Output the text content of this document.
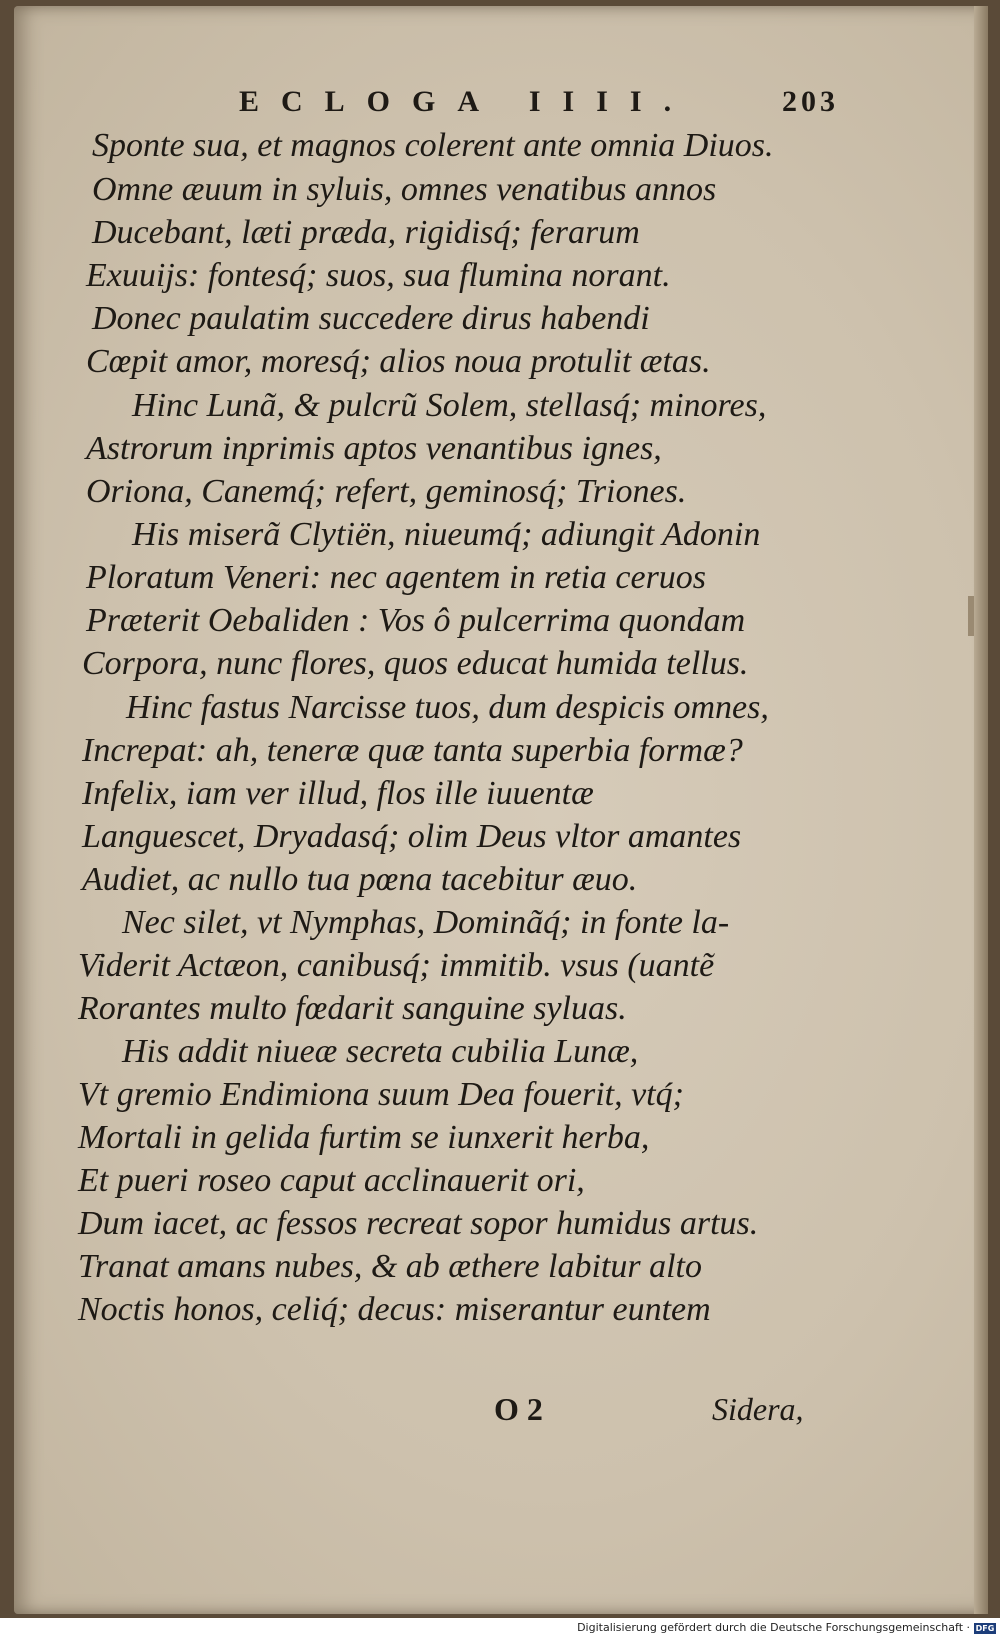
ECLOGA IIII.	203
Sponte sua, et magnos colerent ante omnia Diuos.
Omne æuum in syluis, omnes venatibus annos
Ducebant, læti præda, rigidisq́; ferarum
Exuuijs: fontesq́; suos, sua flumina norant.
Donec paulatim succedere dirus habendi
Cœpit amor, moresq́; alios noua protulit ætas.
Hinc Lunã, & pulcrũ Solem, stellasq́; minores,
Astrorum inprimis aptos venantibus ignes,
Oriona, Canemq́; refert, geminosq́; Triones.
His miserã Clytiën, niueumq́; adiungit Adonin
Ploratum Veneri: nec agentem in retia ceruos
Præterit Oebaliden : Vos ô pulcerrima quondam
Corpora, nunc flores, quos educat humida tellus.
Hinc fastus Narcisse tuos, dum despicis omnes,
Increpat: ah, teneræ quæ tanta superbia formæ?
Infelix, iam ver illud, flos ille iuuentæ
Languescet, Dryadasq́; olim Deus vltor amantes
Audiet, ac nullo tua pœna tacebitur æuo.
Nec silet, vt Nymphas, Dominãq́; in fonte la-
Viderit Actæon, canibusq́; immitib. vsus (uantẽ
Rorantes multo fœdarit sanguine syluas.
His addit niueæ secreta cubilia Lunæ,
Vt gremio Endimiona suum Dea fouerit, vtq́;
Mortali in gelida furtim se iunxerit herba,
Et pueri roseo caput acclinauerit ori,
Dum iacet, ac fessos recreat sopor humidus artus.
Tranat amans nubes, & ab æthere labitur alto
Noctis honos, celiq́; decus: miserantur euntem
O 2	Sidera,
Digitalisierung gefördert durch die Deutsche Forschungsgemeinschaft · DFG
